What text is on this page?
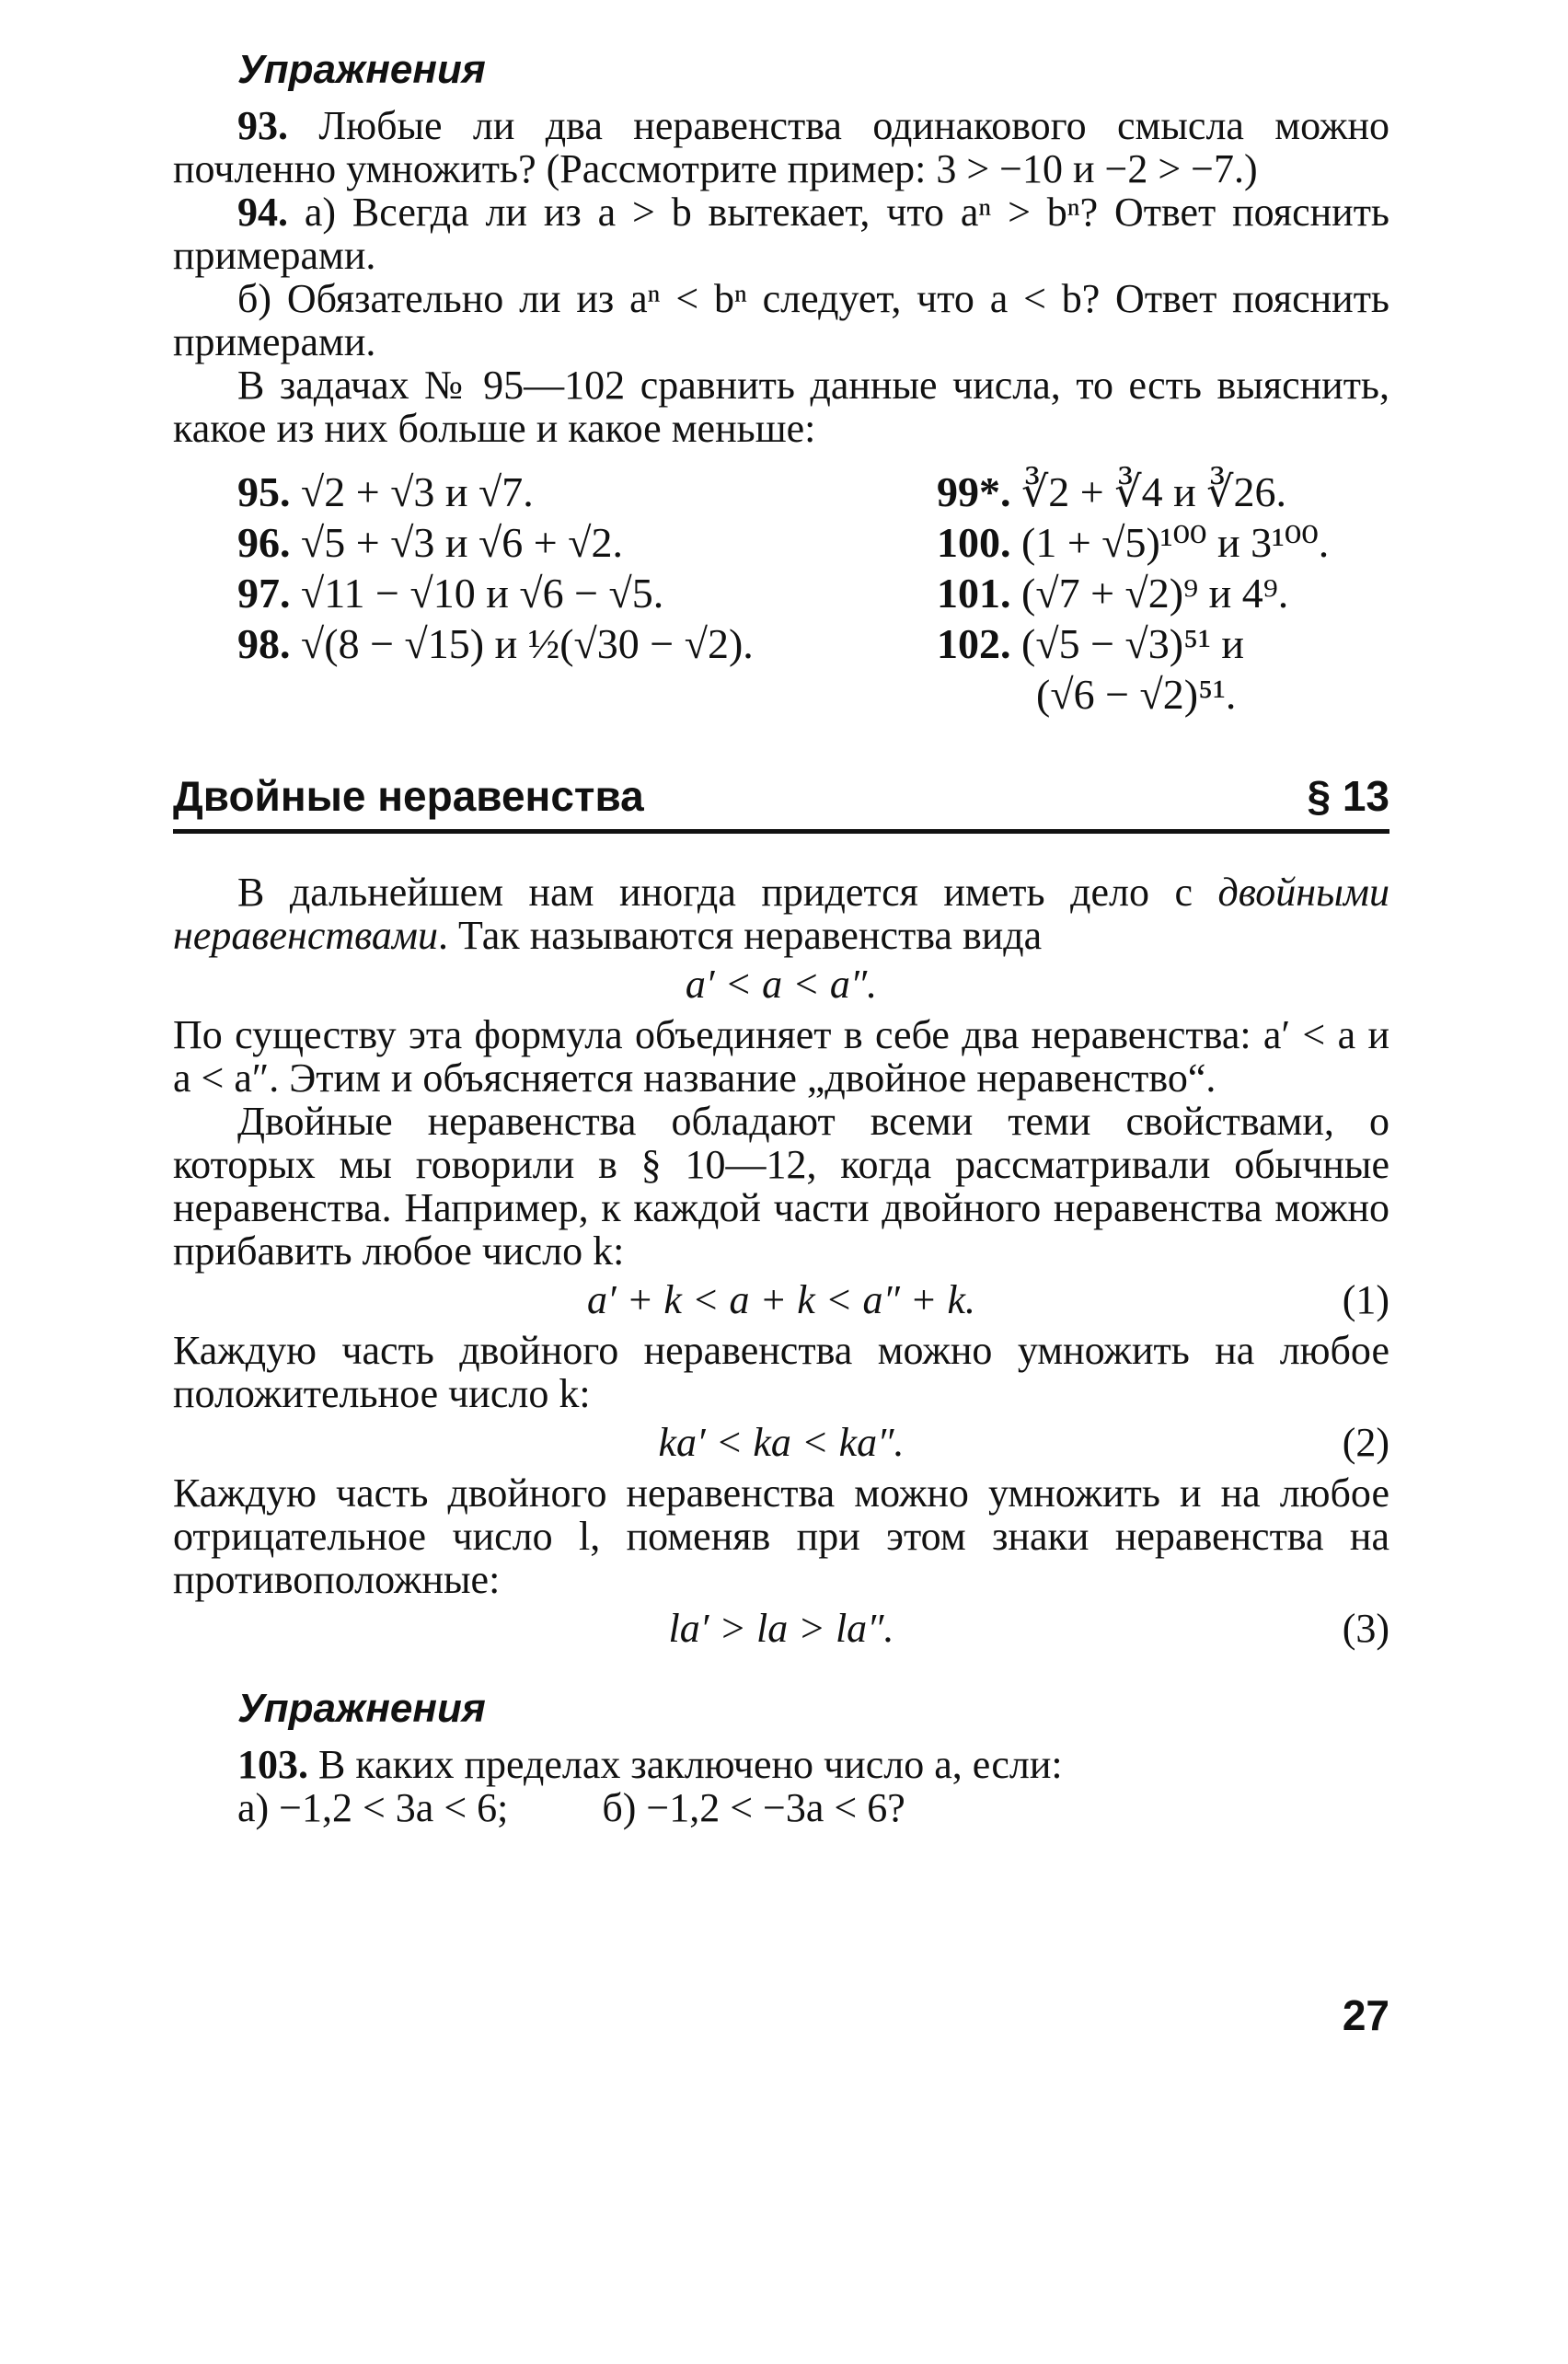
Упражнения

93. Любые ли два неравенства одинакового смысла можно почленно умножить? (Рассмотрите пример: 3 > −10 и −2 > −7.)

94. а) Всегда ли из a > b вытекает, что aⁿ > bⁿ? Ответ пояснить примерами.

б) Обязательно ли из aⁿ < bⁿ следует, что a < b? Ответ пояснить примерами.

В задачах № 95—102 сравнить данные числа, то есть выяснить, какое из них больше и какое меньше:

95. √2 + √3 и √7.	99*. ∛2 + ∛4 и ∛26.
96. √5 + √3 и √6 + √2.	100. (1 + √5)¹⁰⁰ и 3¹⁰⁰.
97. √11 − √10 и √6 − √5.	101. (√7 + √2)⁹ и 4⁹.
98. √(8 − √15) и ½(√30 − √2).	102. (√5 − √3)⁵¹ и
(√6 − √2)⁵¹.
Двойные неравенства	§ 13

В дальнейшем нам иногда придется иметь дело с двойными неравенствами. Так называются неравенства вида

a′ < a < a″.

По существу эта формула объединяет в себе два неравенства: a′ < a и a < a″. Этим и объясняется название „двойное неравенство“.

Двойные неравенства обладают всеми теми свойствами, о которых мы говорили в § 10—12, когда рассматривали обычные неравенства. Например, к каждой части двойного неравенства можно прибавить любое число k:

a′ + k < a + k < a″ + k.	(1)

Каждую часть двойного неравенства можно умножить на любое положительное число k:

ka′ < ka < ka″.	(2)

Каждую часть двойного неравенства можно умножить и на любое отрицательное число l, поменяв при этом знаки неравенства на противоположные:

la′ > la > la″.	(3)
Упражнения

103. В каких пределах заключено число a, если:

а) −1,2 < 3a < 6; б) −1,2 < −3a < 6?

27
